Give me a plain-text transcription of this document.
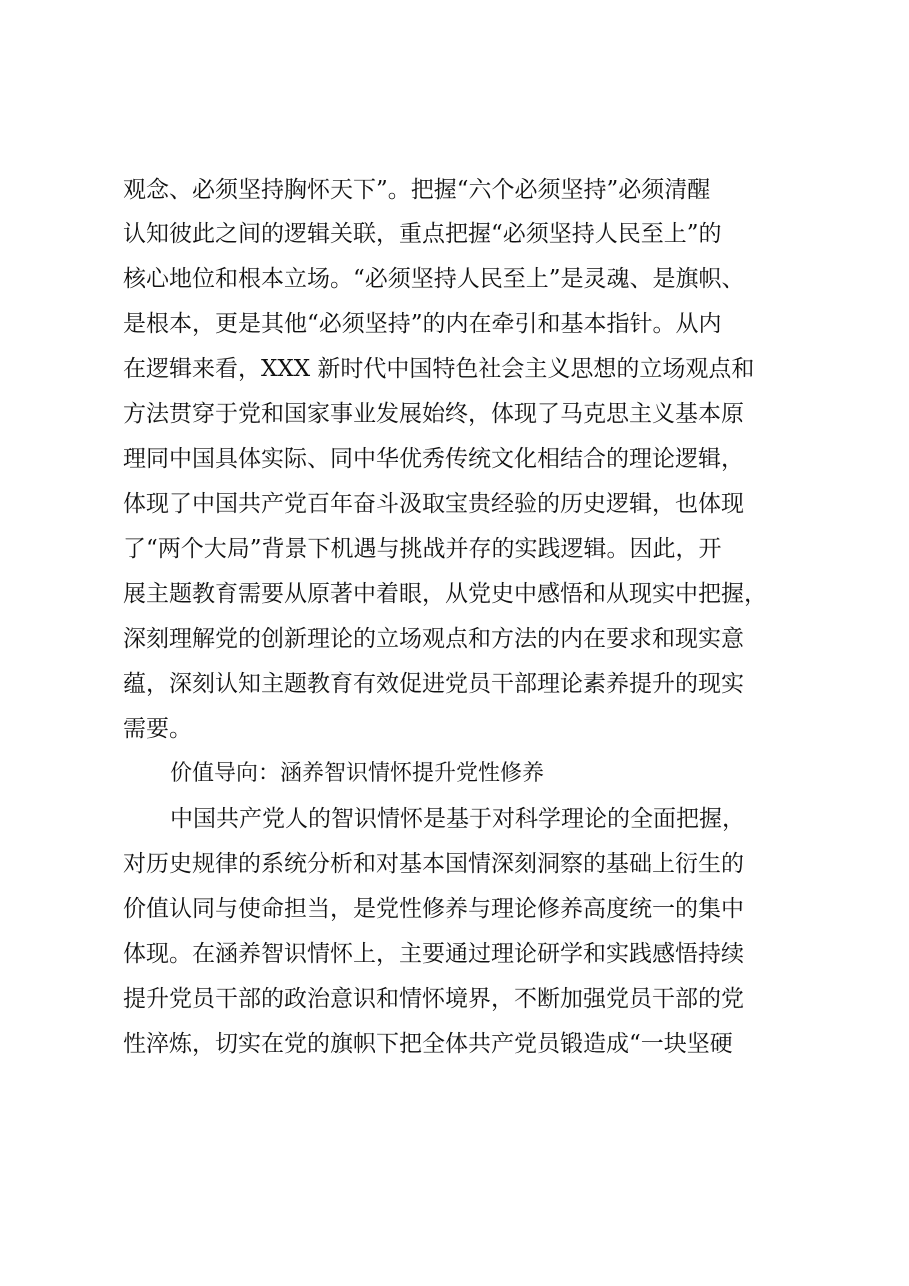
观念、必须坚持胸怀天下”。把握“六个必须坚持”必须清醒
认知彼此之间的逻辑关联，重点把握“必须坚持人民至上”的
核心地位和根本立场。“必须坚持人民至上”是灵魂、是旗帜、
是根本，更是其他“必须坚持”的内在牵引和基本指针。从内
在逻辑来看，XXX 新时代中国特色社会主义思想的立场观点和
方法贯穿于党和国家事业发展始终，体现了马克思主义基本原
理同中国具体实际、同中华优秀传统文化相结合的理论逻辑，
体现了中国共产党百年奋斗汲取宝贵经验的历史逻辑，也体现
了“两个大局”背景下机遇与挑战并存的实践逻辑。因此，开
展主题教育需要从原著中着眼，从党史中感悟和从现实中把握，
深刻理解党的创新理论的立场观点和方法的内在要求和现实意
蕴，深刻认知主题教育有效促进党员干部理论素养提升的现实
需要。
价值导向：涵养智识情怀提升党性修养
中国共产党人的智识情怀是基于对科学理论的全面把握，
对历史规律的系统分析和对基本国情深刻洞察的基础上衍生的
价值认同与使命担当，是党性修养与理论修养高度统一的集中
体现。在涵养智识情怀上，主要通过理论研学和实践感悟持续
提升党员干部的政治意识和情怀境界，不断加强党员干部的党
性淬炼，切实在党的旗帜下把全体共产党员锻造成“一块坚硬
